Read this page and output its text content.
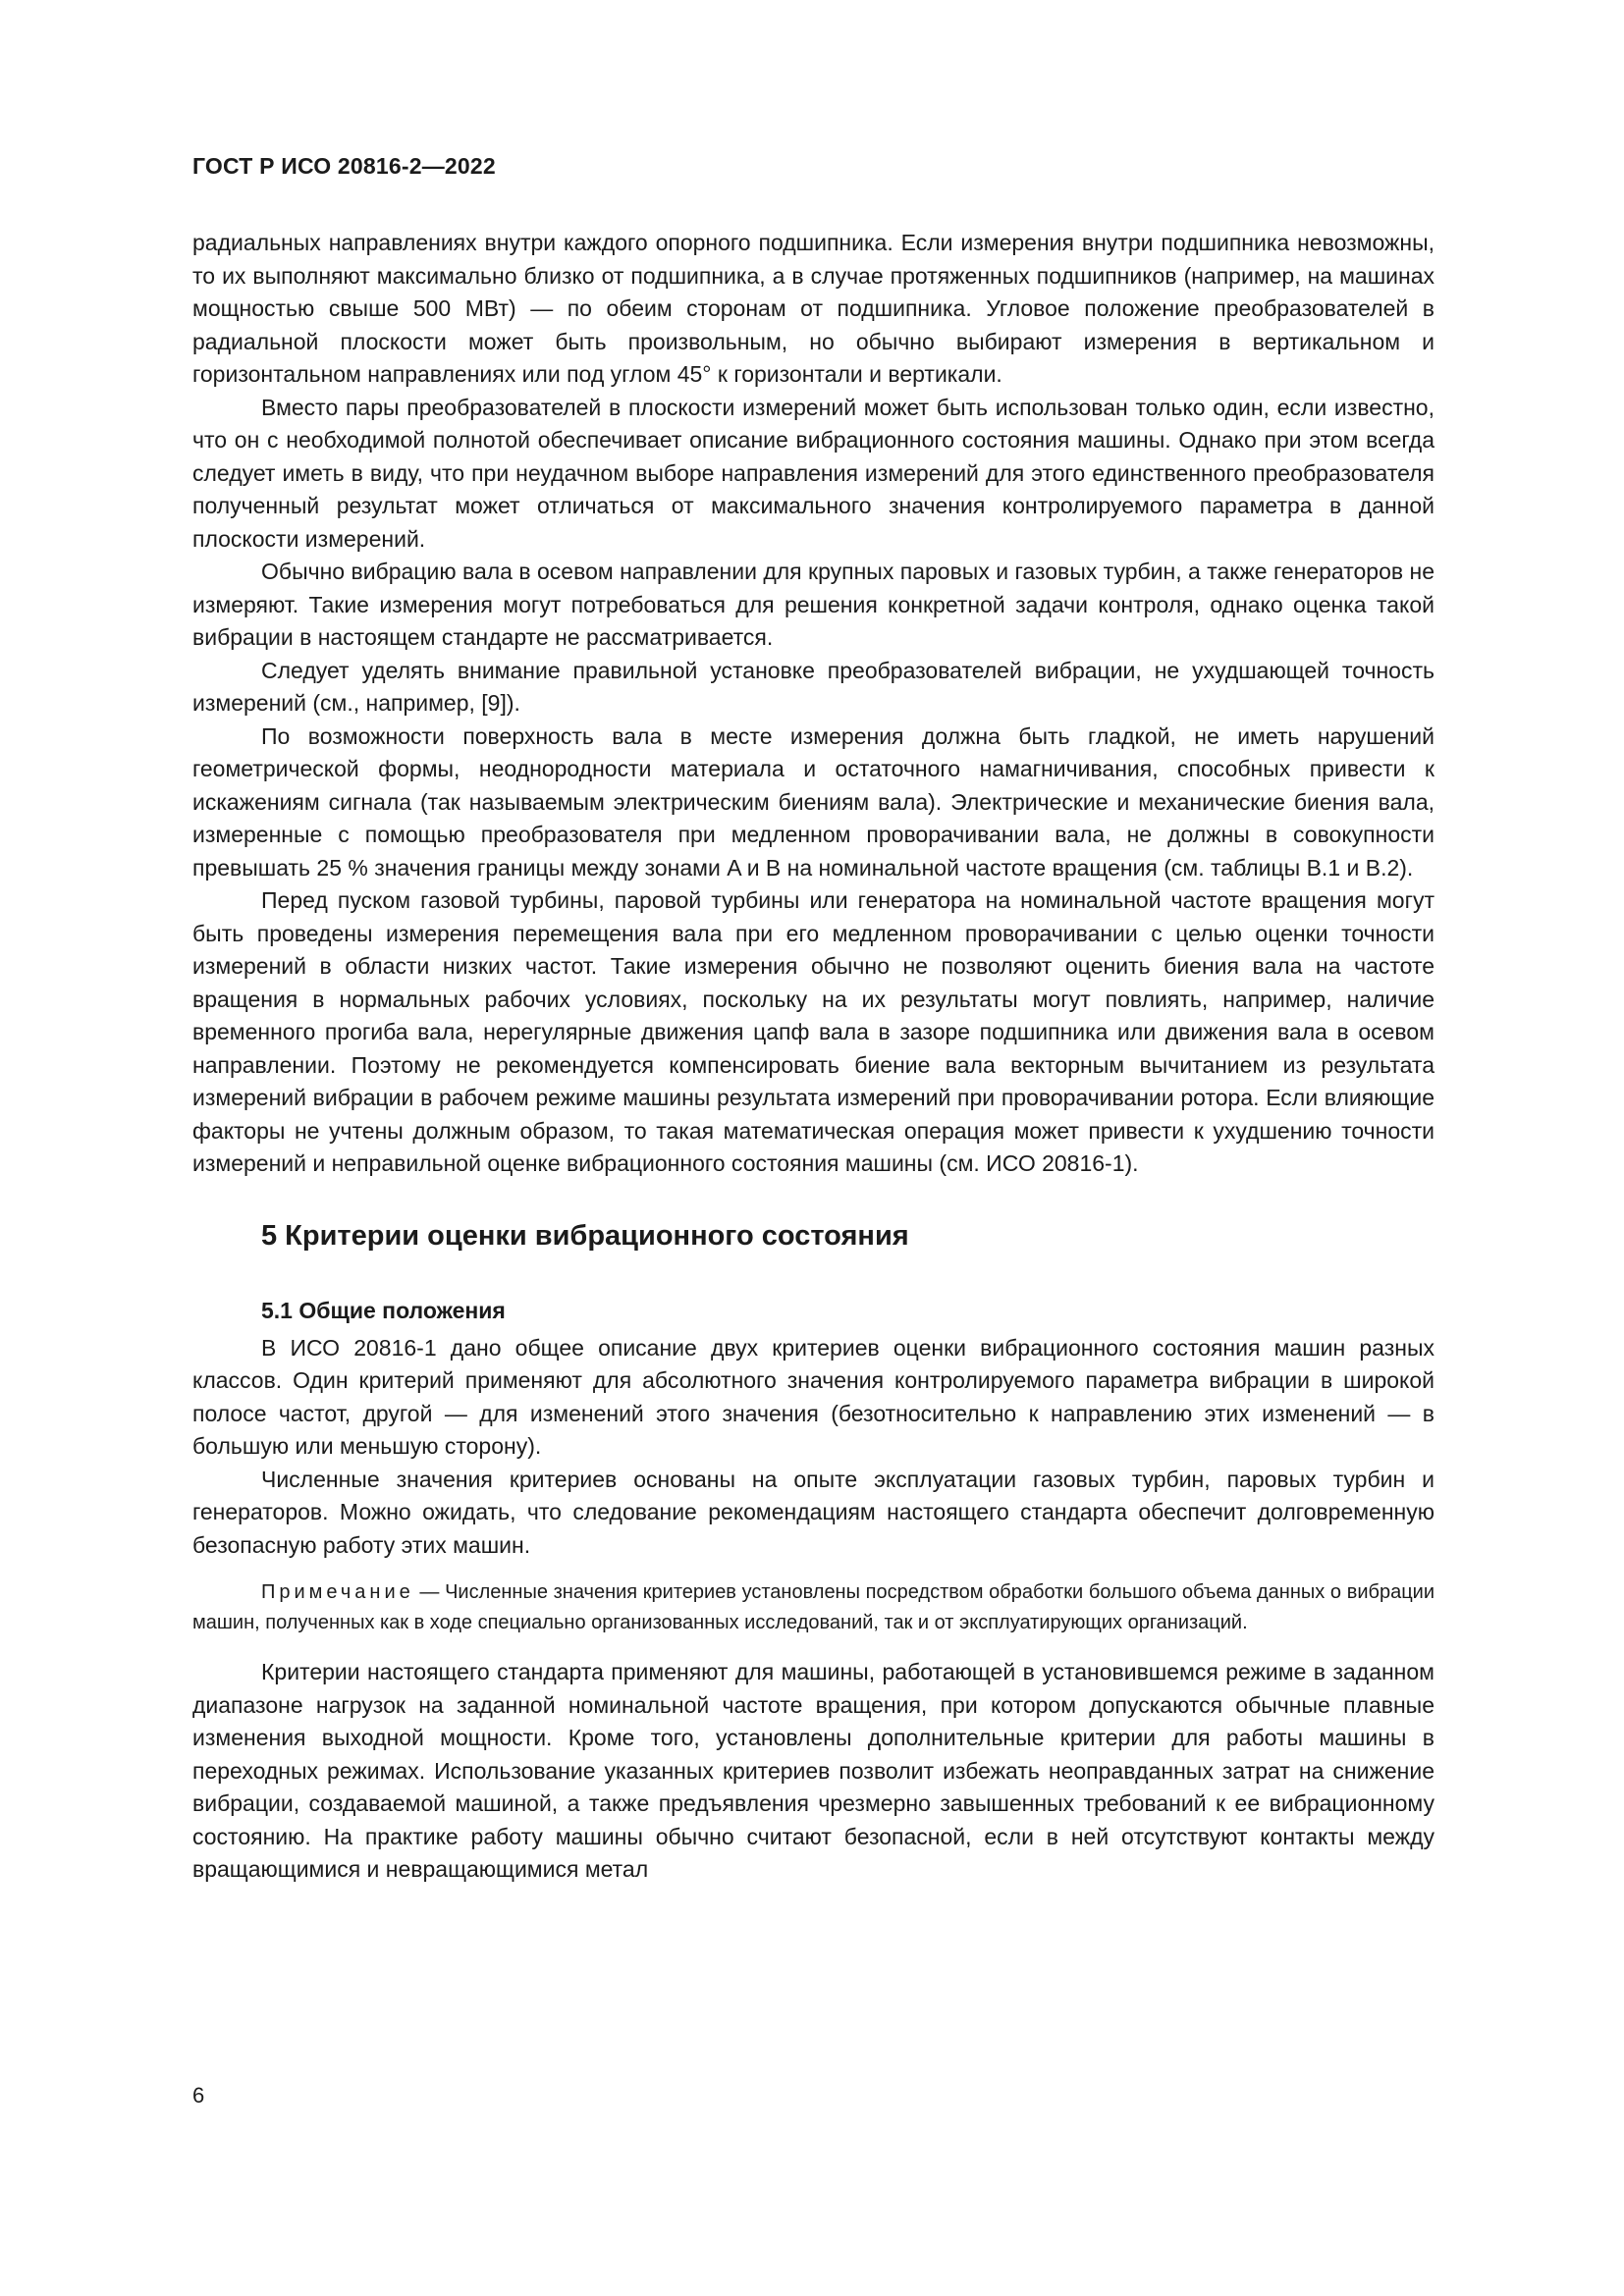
ГОСТ Р ИСО 20816-2—2022

радиальных направлениях внутри каждого опорного подшипника. Если измерения внутри подшипника невозможны, то их выполняют максимально близко от подшипника, а в случае протяженных подшипников (например, на машинах мощностью свыше 500 МВт) — по обеим сторонам от подшипника. Угловое положение преобразователей в радиальной плоскости может быть произвольным, но обычно выбирают измерения в вертикальном и горизонтальном направлениях или под углом 45° к горизонтали и вертикали.

Вместо пары преобразователей в плоскости измерений может быть использован только один, если известно, что он с необходимой полнотой обеспечивает описание вибрационного состояния машины. Однако при этом всегда следует иметь в виду, что при неудачном выборе направления измерений для этого единственного преобразователя полученный результат может отличаться от максимального значения контролируемого параметра в данной плоскости измерений.

Обычно вибрацию вала в осевом направлении для крупных паровых и газовых турбин, а также генераторов не измеряют. Такие измерения могут потребоваться для решения конкретной задачи контроля, однако оценка такой вибрации в настоящем стандарте не рассматривается.

Следует уделять внимание правильной установке преобразователей вибрации, не ухудшающей точность измерений (см., например, [9]).

По возможности поверхность вала в месте измерения должна быть гладкой, не иметь нарушений геометрической формы, неоднородности материала и остаточного намагничивания, способных привести к искажениям сигнала (так называемым электрическим биениям вала). Электрические и механические биения вала, измеренные с помощью преобразователя при медленном проворачивании вала, не должны в совокупности превышать 25 % значения границы между зонами A и B на номинальной частоте вращения (см. таблицы B.1 и B.2).

Перед пуском газовой турбины, паровой турбины или генератора на номинальной частоте вращения могут быть проведены измерения перемещения вала при его медленном проворачивании с целью оценки точности измерений в области низких частот. Такие измерения обычно не позволяют оценить биения вала на частоте вращения в нормальных рабочих условиях, поскольку на их результаты могут повлиять, например, наличие временного прогиба вала, нерегулярные движения цапф вала в зазоре подшипника или движения вала в осевом направлении. Поэтому не рекомендуется компенсировать биение вала векторным вычитанием из результата измерений вибрации в рабочем режиме машины результата измерений при проворачивании ротора. Если влияющие факторы не учтены должным образом, то такая математическая операция может привести к ухудшению точности измерений и неправильной оценке вибрационного состояния машины (см. ИСО 20816-1).

5 Критерии оценки вибрационного состояния
5.1 Общие положения

В ИСО 20816-1 дано общее описание двух критериев оценки вибрационного состояния машин разных классов. Один критерий применяют для абсолютного значения контролируемого параметра вибрации в широкой полосе частот, другой — для изменений этого значения (безотносительно к направлению этих изменений — в большую или меньшую сторону).

Численные значения критериев основаны на опыте эксплуатации газовых турбин, паровых турбин и генераторов. Можно ожидать, что следование рекомендациям настоящего стандарта обеспечит долговременную безопасную работу этих машин.

Примечание — Численные значения критериев установлены посредством обработки большого объема данных о вибрации машин, полученных как в ходе специально организованных исследований, так и от эксплуатирующих организаций.

Критерии настоящего стандарта применяют для машины, работающей в установившемся режиме в заданном диапазоне нагрузок на заданной номинальной частоте вращения, при котором допускаются обычные плавные изменения выходной мощности. Кроме того, установлены дополнительные критерии для работы машины в переходных режимах. Использование указанных критериев позволит избежать неоправданных затрат на снижение вибрации, создаваемой машиной, а также предъявления чрезмерно завышенных требований к ее вибрационному состоянию. На практике работу машины обычно считают безопасной, если в ней отсутствуют контакты между вращающимися и невращающимися метал

6
